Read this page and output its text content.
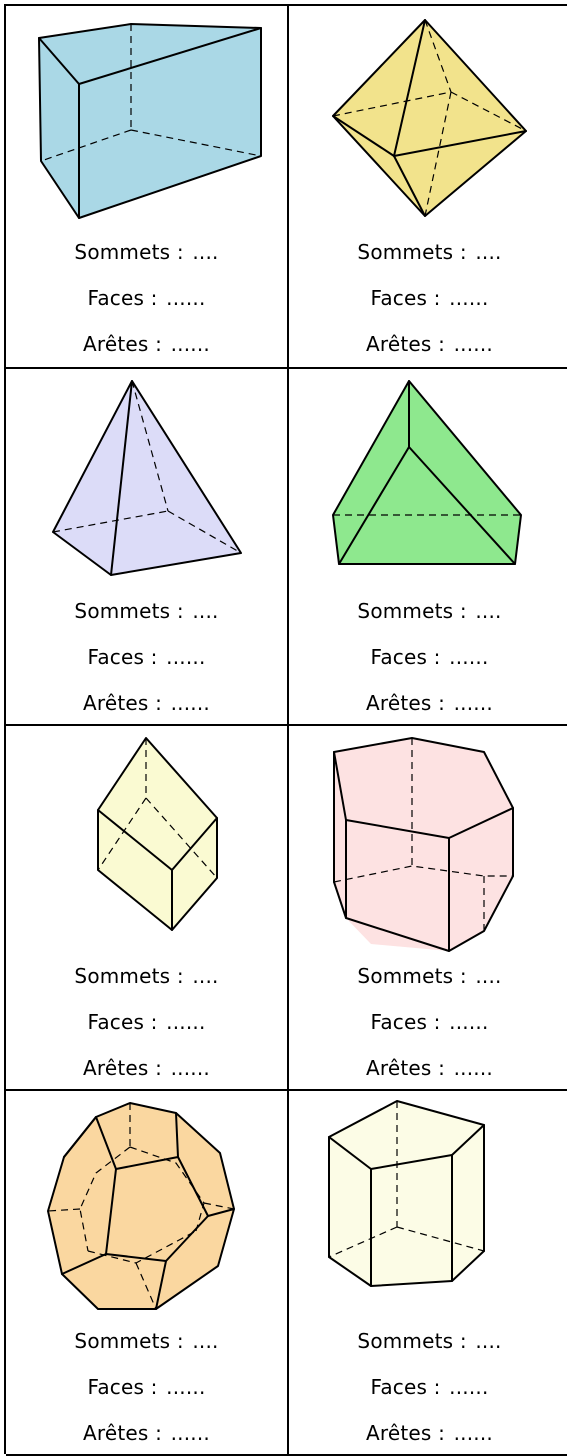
Sommets : ....
Faces : ......
Arêtes : ......
Sommets : ....
Faces : ......
Arêtes : ......
Sommets : ....
Faces : ......
Arêtes : ......
Sommets : ....
Faces : ......
Arêtes : ......
Sommets : ....
Faces : ......
Arêtes : ......
Sommets : ....
Faces : ......
Arêtes : ......
Sommets : ....
Faces : ......
Arêtes : ......
Sommets : ....
Faces : ......
Arêtes : ......
